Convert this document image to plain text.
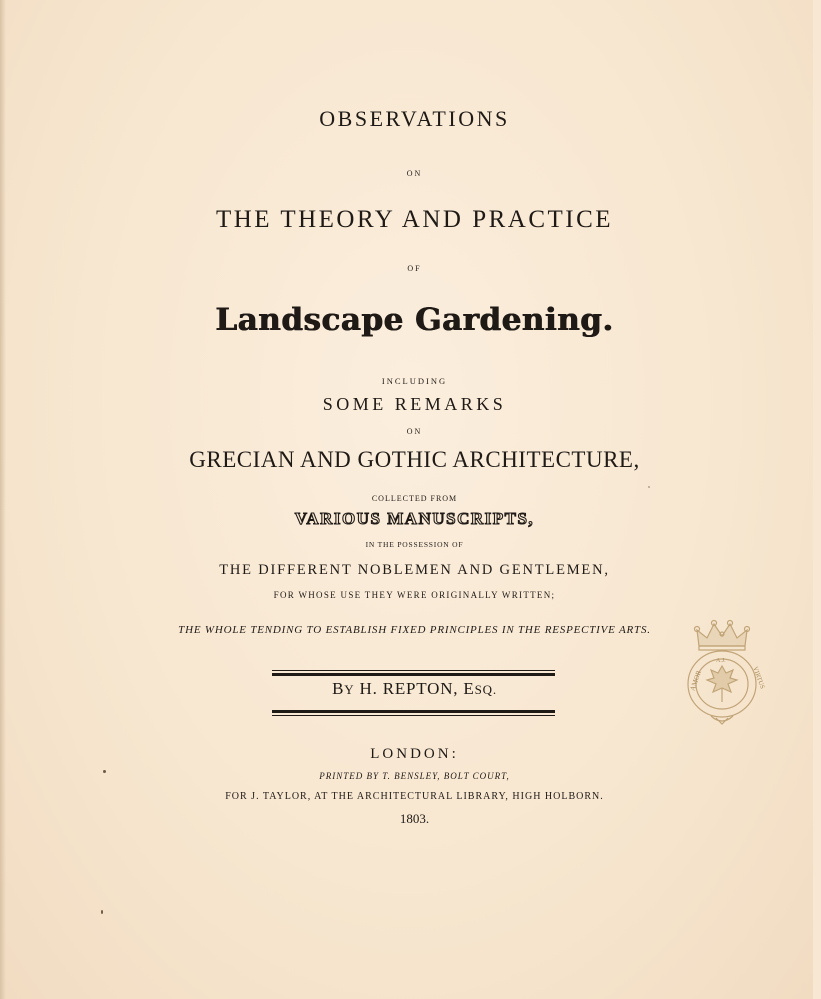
OBSERVATIONS
ON
THE THEORY AND PRACTICE
OF
Landscape Gardening.
INCLUDING
SOME REMARKS
ON
GRECIAN AND GOTHIC ARCHITECTURE,
COLLECTED FROM
VARIOUS MANUSCRIPTS,
IN THE POSSESSION OF
THE DIFFERENT NOBLEMEN AND GENTLEMEN,
FOR WHOSE USE THEY WERE ORIGINALLY WRITTEN;
THE WHOLE TENDING TO ESTABLISH FIXED PRINCIPLES IN THE RESPECTIVE ARTS.
BY H. REPTON, ESQ.
LONDON:
PRINTED BY T. BENSLEY, BOLT COURT,
FOR J. TAYLOR, AT THE ARCHITECTURAL LIBRARY, HIGH HOLBORN.
1803.
AMOR
A.J.
VIRTUS
